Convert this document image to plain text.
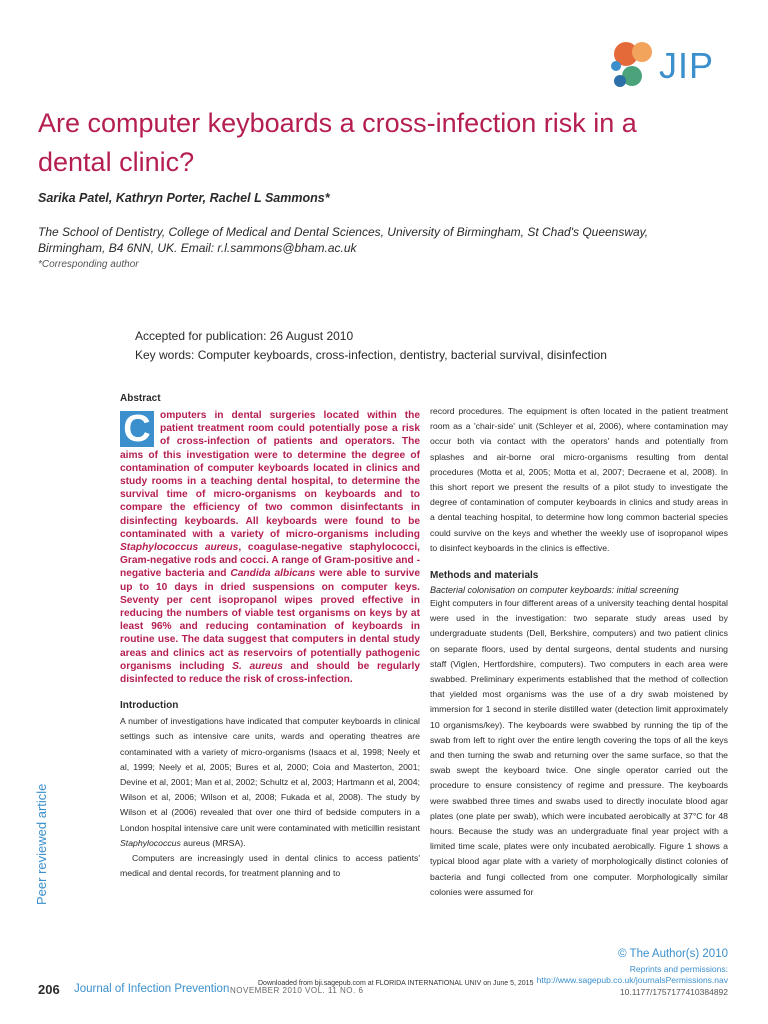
JIP
Are computer keyboards a cross-infection risk in a dental clinic?
Sarika Patel, Kathryn Porter, Rachel L Sammons*
The School of Dentistry, College of Medical and Dental Sciences, University of Birmingham, St Chad's Queensway, Birmingham, B4 6NN, UK. Email: r.l.sammons@bham.ac.uk
*Corresponding author
Accepted for publication: 26 August 2010
Key words: Computer keyboards, cross-infection, dentistry, bacterial survival, disinfection
Abstract
C omputers in dental surgeries located within the patient treatment room could potentially pose a risk of cross-infection of patients and operators. The aims of this investigation were to determine the degree of contamination of computer keyboards located in clinics and study rooms in a teaching dental hospital, to determine the survival time of micro-organisms on keyboards and to compare the efficiency of two common disinfectants in disinfecting keyboards. All keyboards were found to be contaminated with a variety of micro-organisms including Staphylococcus aureus, coagulase-negative staphylococci, Gram-negative rods and cocci. A range of Gram-positive and -negative bacteria and Candida albicans were able to survive up to 10 days in dried suspensions on computer keys. Seventy per cent isopropanol wipes proved effective in reducing the numbers of viable test organisms on keys by at least 96% and reducing contamination of keyboards in routine use. The data suggest that computers in dental study areas and clinics act as reservoirs of potentially pathogenic organisms including S. aureus and should be regularly disinfected to reduce the risk of cross-infection.
Introduction

A number of investigations have indicated that computer keyboards in clinical settings such as intensive care units, wards and operating theatres are contaminated with a variety of micro-organisms (Isaacs et al, 1998; Neely et al, 1999; Neely et al, 2005; Bures et al, 2000; Coia and Masterton, 2001; Devine et al, 2001; Man et al, 2002; Schultz et al, 2003; Hartmann et al, 2004; Wilson et al, 2006; Wilson et al, 2008; Fukada et al, 2008). The study by Wilson et al (2006) revealed that over one third of bedside computers in a London hospital intensive care unit were contaminated with meticillin resistant Staphylococcus aureus (MRSA).

Computers are increasingly used in dental clinics to access patients' medical and dental records, for treatment planning and to

record procedures. The equipment is often located in the patient treatment room as a 'chair-side' unit (Schleyer et al, 2006), where contamination may occur both via contact with the operators' hands and potentially from splashes and air-borne oral micro-organisms resulting from dental procedures (Motta et al, 2005; Motta et al, 2007; Decraene et al, 2008). In this short report we present the results of a pilot study to investigate the degree of contamination of computer keyboards in clinics and study areas in a dental teaching hospital, to determine how long common bacterial species could survive on the keys and whether the weekly use of isopropanol wipes to disinfect keyboards in the clinics is effective.

Methods and materials
Bacterial colonisation on computer keyboards: initial screening

Eight computers in four different areas of a university teaching dental hospital were used in the investigation: two separate study areas used by undergraduate students (Dell, Berkshire, computers) and two patient clinics on separate floors, used by dental surgeons, dental students and nursing staff (Viglen, Hertfordshire, computers). Two computers in each area were swabbed. Preliminary experiments established that the method of collection that yielded most organisms was the use of a dry swab moistened by immersion for 1 second in sterile distilled water (detection limit approximately 10 organisms/key). The keyboards were swabbed by running the tip of the swab from left to right over the entire length covering the tops of all the keys and then turning the swab and returning over the same surface, so that the swab swept the keyboard twice. One single operator carried out the procedure to ensure consistency of regime and pressure. The keyboards were swabbed three times and swabs used to directly inoculate blood agar plates (one plate per swab), which were incubated aerobically at 37°C for 48 hours. Because the study was an undergraduate final year project with a limited time scale, plates were only incubated aerobically. Figure 1 shows a typical blood agar plate with a variety of morphologically distinct colonies of bacteria and fungi collected from one computer. Morphologically similar colonies were assumed for

Peer reviewed article
© The Author(s) 2010
Reprints and permissions:
http://www.sagepub.co.uk/journalsPermissions.nav
10.1177/1757177410384892
206 Journal of Infection Prevention NOVEMBER 2010 VOL. 11 NO. 6
Downloaded from bji.sagepub.com at FLORIDA INTERNATIONAL UNIV on June 5, 2015
